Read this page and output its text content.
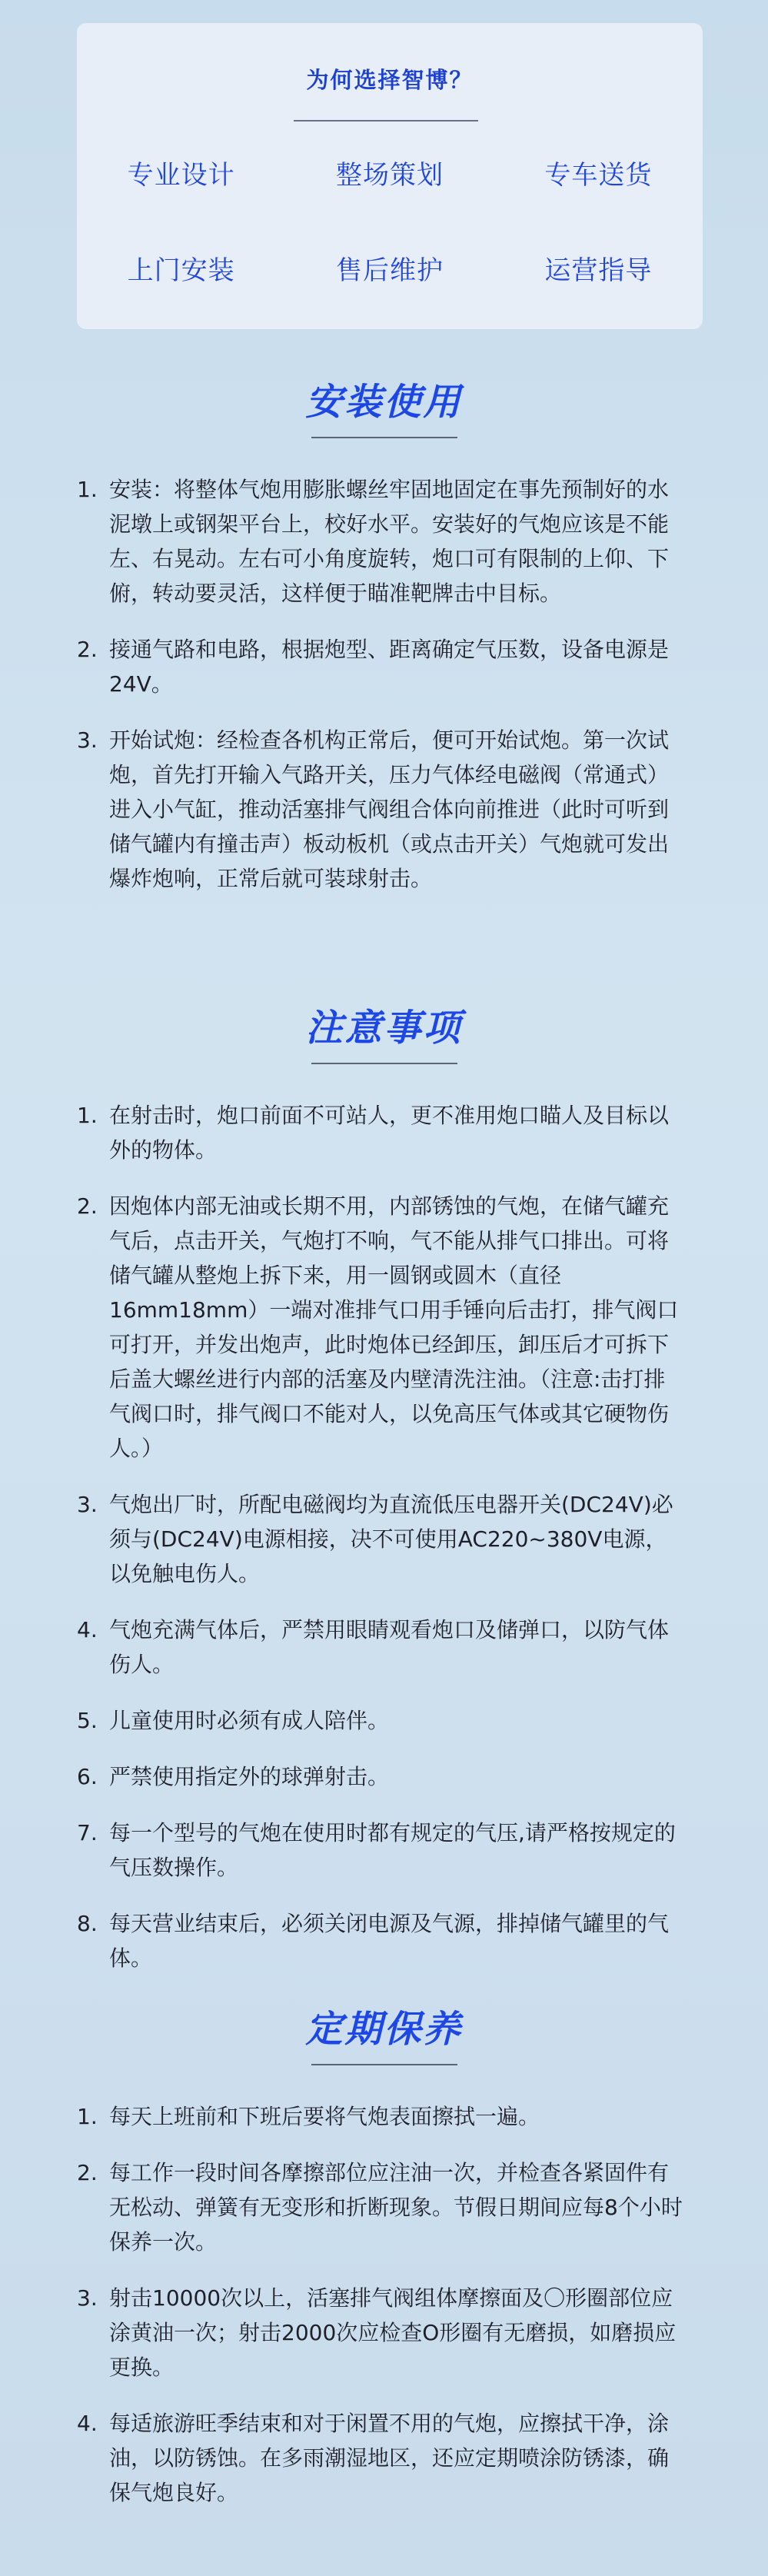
为何选择智博？
专业设计	整场策划	专车送货
上门安装	售后维护	运营指导
安装使用
1. 安装：将整体气炮用膨胀螺丝牢固地固定在事先预制好的水泥墩上或钢架平台上，校好水平。安装好的气炮应该是不能左、右晃动。左右可小角度旋转，炮口可有限制的上仰、下俯，转动要灵活，这样便于瞄准靶牌击中目标。
2. 接通气路和电路，根据炮型、距离确定气压数，设备电源是24V。
3. 开始试炮：经检查各机构正常后，便可开始试炮。第一次试炮，首先打开输入气路开关，压力气体经电磁阀（常通式）进入小气缸，推动活塞排气阀组合体向前推进（此时可听到储气罐内有撞击声）板动板机（或点击开关）气炮就可发出爆炸炮响，正常后就可装球射击。
注意事项
1. 在射击时，炮口前面不可站人，更不准用炮口瞄人及目标以外的物体。
2. 因炮体内部无油或长期不用，内部锈蚀的气炮，在储气罐充气后，点击开关，气炮打不响，气不能从排气口排出。可将储气罐从整炮上拆下来，用一圆钢或圆木（直径16mm18mm）一端对准排气口用手锤向后击打，排气阀口可打开，并发出炮声，此时炮体已经卸压，卸压后才可拆下后盖大螺丝进行内部的活塞及内壁清洗注油。（注意:击打排气阀口时，排气阀口不能对人，以免高压气体或其它硬物伤人。）
3. 气炮出厂时，所配电磁阀均为直流低压电器开关(DC24V)必须与(DC24V)电源相接，决不可使用AC220~380V电源，以免触电伤人。
4. 气炮充满气体后，严禁用眼睛观看炮口及储弹口，以防气体伤人。
5. 儿童使用时必须有成人陪伴。
6. 严禁使用指定外的球弹射击。
7. 每一个型号的气炮在使用时都有规定的气压,请严格按规定的气压数操作。
8. 每天营业结束后，必须关闭电源及气源，排掉储气罐里的气体。
定期保养
1. 每天上班前和下班后要将气炮表面擦拭一遍。
2. 每工作一段时间各摩擦部位应注油一次，并检查各紧固件有无松动、弹簧有无变形和折断现象。节假日期间应每8个小时保养一次。
3. 射击10000次以上，活塞排气阀组体摩擦面及〇形圈部位应涂黄油一次；射击2000次应检查O形圈有无磨损，如磨损应更换。
4. 每适旅游旺季结束和对于闲置不用的气炮，应擦拭干净，涂油，以防锈蚀。在多雨潮湿地区，还应定期喷涂防锈漆，确保气炮良好。
